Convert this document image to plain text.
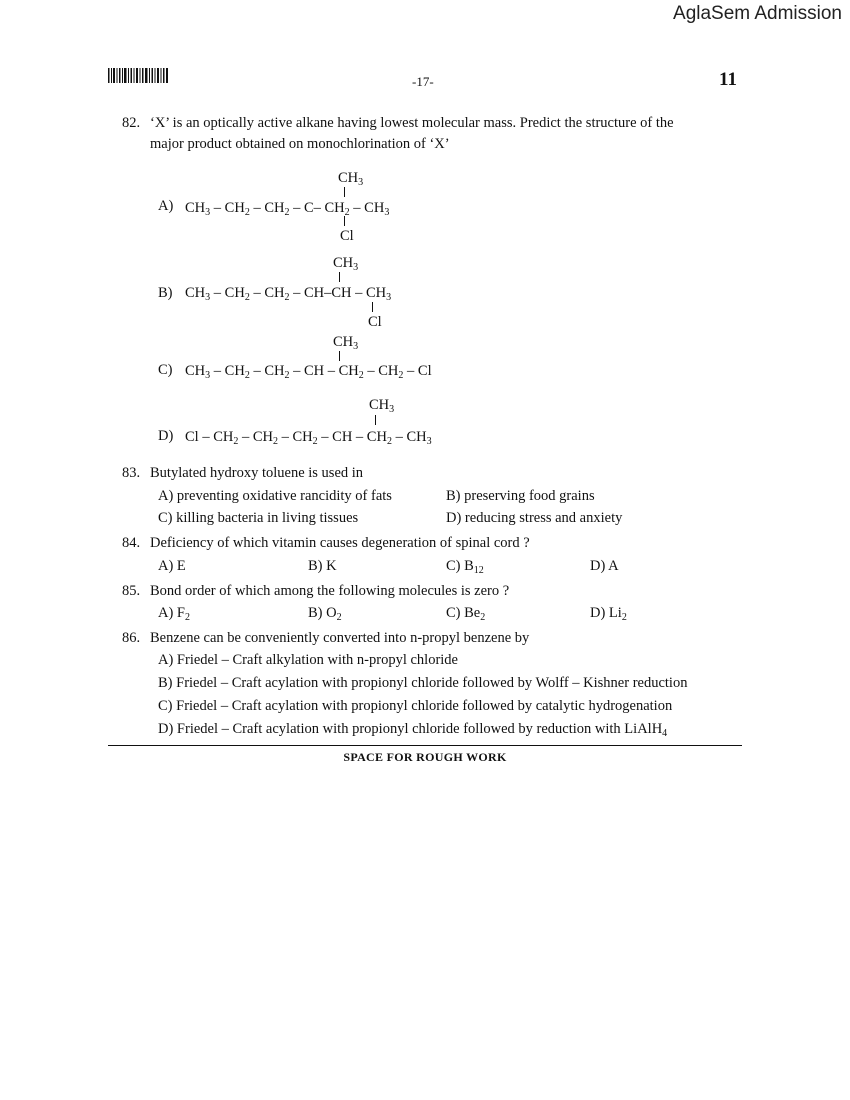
AglaSem Admission
-17-	11
82. ‘X’ is an optically active alkane having lowest molecular mass. Predict the structure of the
major product obtained on monochlorination of ‘X’
$CH_3$
A) $CH_3 - CH_2 - CH_2 - C-$ $CH_2 - CH_3$
Cl
$CH_3$
B) $CH_3 - CH_2 - CH_2 - CH-CH - CH_3$
Cl
$CH_3$
C) $CH_3 - CH_2 - CH_2$ – CH – $CH_2 - CH_2$ – Cl
$CH_3$
D) Cl – $CH_2 - CH_2 - CH_2$ – CH – $CH_2 - CH_3$
83. Butylated hydroxy toluene is used in
A) preventing oxidative rancidity of fats	B) preserving food grains
C) killing bacteria in living tissues	D) reducing stress and anxiety
84. Deficiency of which vitamin causes degeneration of spinal cord ?
A) E	B) K	C) $B_{12}$	D) A
85. Bond order of which among the following molecules is zero ?
A) $F_2$	B) $O_2$	C) $Be_2$	D) $Li_2$
86. Benzene can be conveniently converted into n-propyl benzene by
A) Friedel – Craft alkylation with n-propyl chloride
B) Friedel – Craft acylation with propionyl chloride followed by Wolff – Kishner reduction
C) Friedel – Craft acylation with propionyl chloride followed by catalytic hydrogenation
D) Friedel – Craft acylation with propionyl chloride followed by reduction with LiAlH$_4$
SPACE FOR ROUGH WORK
